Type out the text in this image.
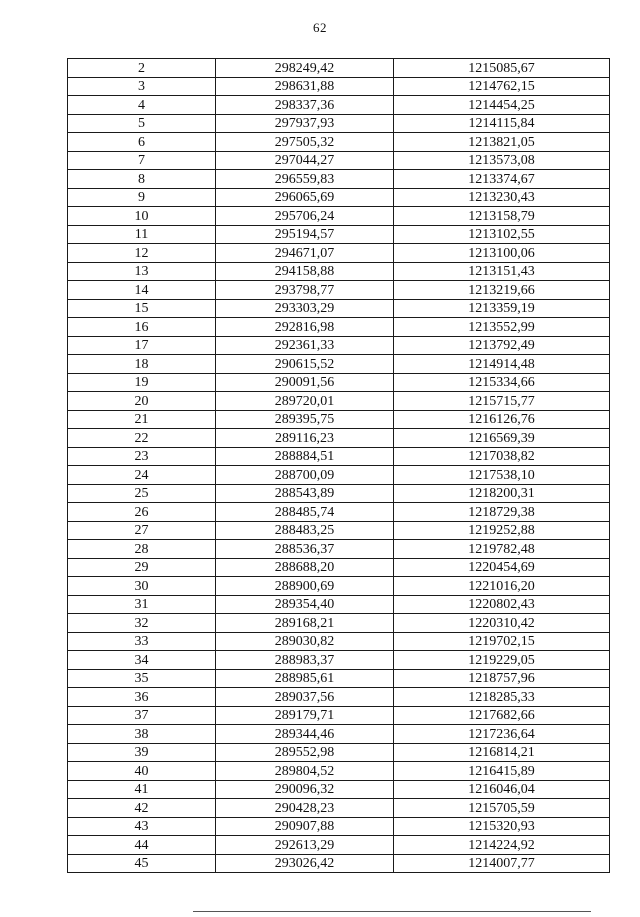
62
2	298249,42	1215085,67
3	298631,88	1214762,15
4	298337,36	1214454,25
5	297937,93	1214115,84
6	297505,32	1213821,05
7	297044,27	1213573,08
8	296559,83	1213374,67
9	296065,69	1213230,43
10	295706,24	1213158,79
11	295194,57	1213102,55
12	294671,07	1213100,06
13	294158,88	1213151,43
14	293798,77	1213219,66
15	293303,29	1213359,19
16	292816,98	1213552,99
17	292361,33	1213792,49
18	290615,52	1214914,48
19	290091,56	1215334,66
20	289720,01	1215715,77
21	289395,75	1216126,76
22	289116,23	1216569,39
23	288884,51	1217038,82
24	288700,09	1217538,10
25	288543,89	1218200,31
26	288485,74	1218729,38
27	288483,25	1219252,88
28	288536,37	1219782,48
29	288688,20	1220454,69
30	288900,69	1221016,20
31	289354,40	1220802,43
32	289168,21	1220310,42
33	289030,82	1219702,15
34	288983,37	1219229,05
35	288985,61	1218757,96
36	289037,56	1218285,33
37	289179,71	1217682,66
38	289344,46	1217236,64
39	289552,98	1216814,21
40	289804,52	1216415,89
41	290096,32	1216046,04
42	290428,23	1215705,59
43	290907,88	1215320,93
44	292613,29	1214224,92
45	293026,42	1214007,77
